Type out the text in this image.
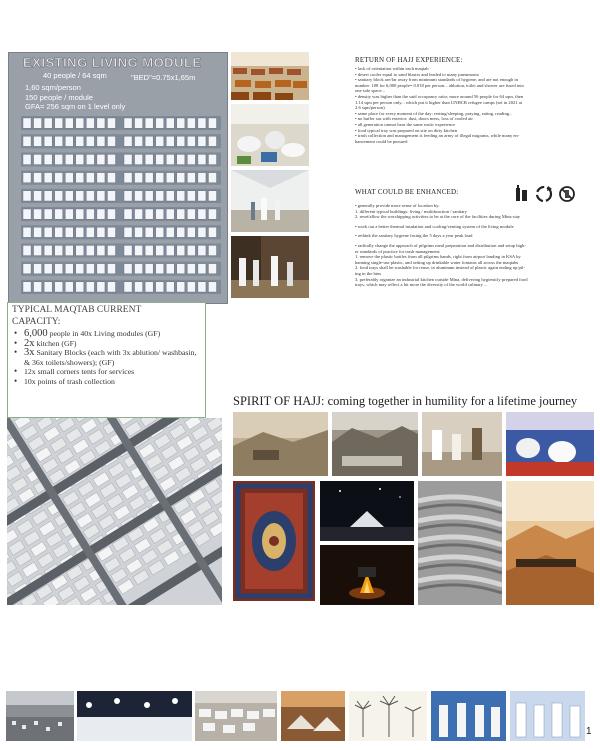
EXISTING LIVING MODULE
40 people / 64 sqm	"BED"=0.75x1,65m
1,60 sqm/person
150 people / module
GFA= 256 sqm on 1 level only
RETURN OF HAJJ EXPERIENCE:

• lack of orientation within each maqtab

• desert cooler equal to sand blaster and leaded to many pneumonia

• sanitary block are/far away from minimum standards of hygiene, and are not enough in

number: 108 for 6,000 people= 0.018 per person... ablution, toilet and shower are fused into

one sole space...

• density was higher than the said occupancy ratio; more around 56 people for 64 sqm, then

1.14 sqm per person only... which put it higher than UNHCR refugee camps (set in 2021 at

2.6 sqm/person)

• same place for every moment of the day: resting/sleeping, praying, eating, reading...

• no buffer sas with exterior: dust, doors mess, loss of cooled air

• all generation cannot bear the same rustic experience

• food typical tray was prepared on site on dirty kitchen

• trash collection and management is feeding an army of illegal migrants, while many en-

hancement could be pursued

WHAT COULD BE ENHANCED:

• generally provide more sense of location by:

1. different typical buildings: living / multifunction / sanitary

2. reset/allow the worshipping activities to be at the core of the facilities during Mina stay

• work out a better thermal insulation and cooling/venting system of the living module

• rethink the sanitary hygiene facing the 5 days a year peak load

• radically change the approach of pilgrims meal preparation and distribution and setup high-

er standards of practice for trash management:

1. remove the plastic bottles from all pilgrims hands, right from airport landing in KSA by

banning single-use plastic, and setting up drinkable water fontains all across the maqtabs

2. food trays shall be washable for reuse, in aluminum instead of plastic again ending up pil-

ing in the bins

3. preferably organize an industrial kitchen outside Mina, delivering hygienicly prepared food

trays, which may reflect a bit more the diversity of the world culinary ...

TYPICAL MAQTAB CURRENT
CAPACITY:
• 6,000 people in 40x Living modules (GF)
• 2x kitchen (GF)
• 3x Sanitary Blocks (each with 3x ablution/ washbasin, & 36x toilets/showers); (GF)
• 12x small corners tents for services
• 10x points of trash collection
SPIRIT OF HAJJ: coming together in humility for a lifetime journey
1
